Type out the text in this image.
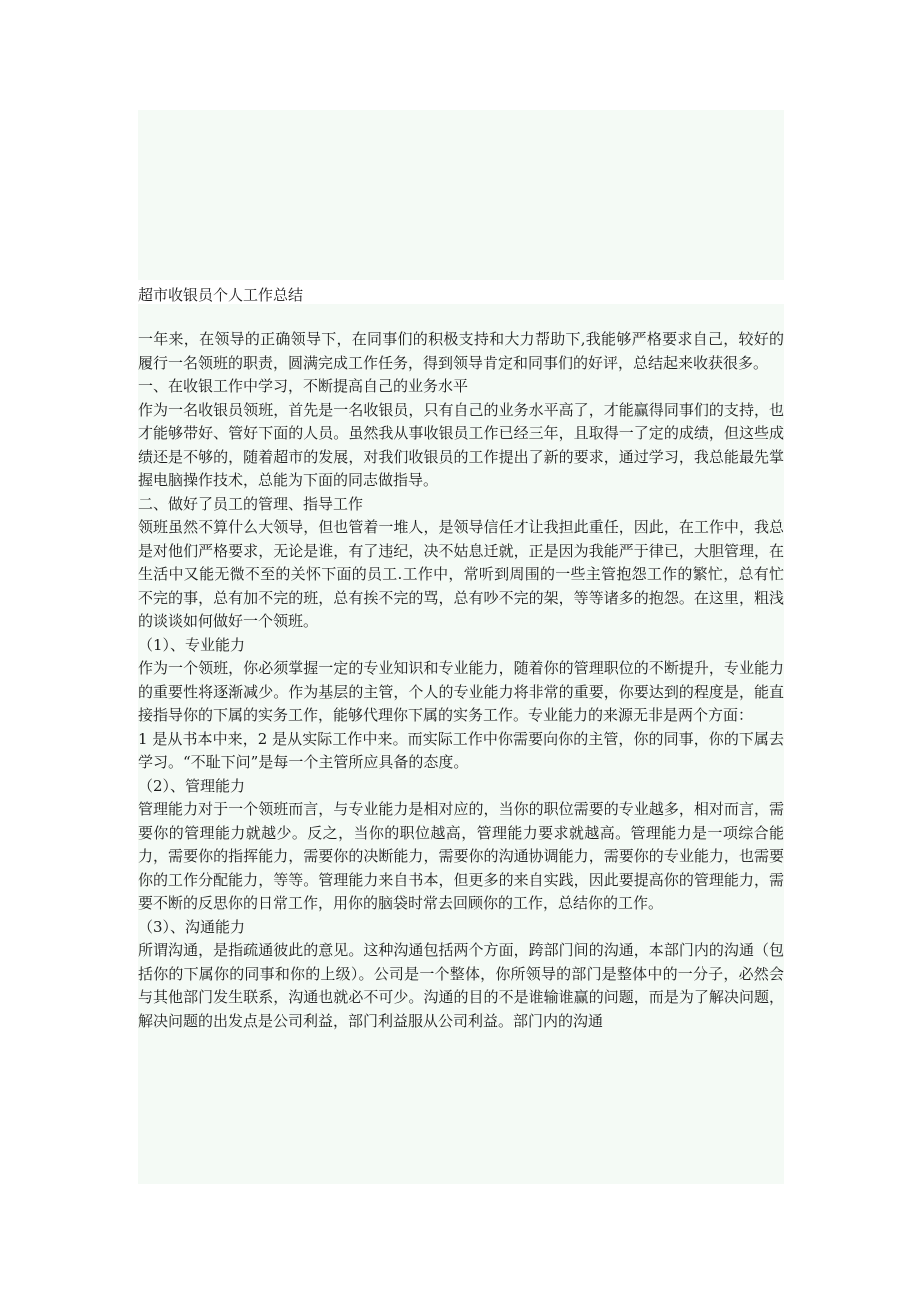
超市收银员个人工作总结

一年来，在领导的正确领导下，在同事们的积极支持和大力帮助下,我能够严格要求自己，较好的履行一名领班的职责，圆满完成工作任务，得到领导肯定和同事们的好评，总结起来收获很多。

一、在收银工作中学习，不断提高自己的业务水平

作为一名收银员领班，首先是一名收银员，只有自己的业务水平高了，才能赢得同事们的支持，也才能够带好、管好下面的人员。虽然我从事收银员工作已经三年，且取得一了定的成绩，但这些成绩还是不够的，随着超市的发展，对我们收银员的工作提出了新的要求，通过学习，我总能最先掌握电脑操作技术，总能为下面的同志做指导。

二、做好了员工的管理、指导工作

领班虽然不算什么大领导，但也管着一堆人，是领导信任才让我担此重任，因此，在工作中，我总是对他们严格要求，无论是谁，有了违纪，决不姑息迁就，正是因为我能严于律已，大胆管理，在生活中又能无微不至的关怀下面的员工.工作中，常听到周围的一些主管抱怨工作的繁忙，总有忙不完的事，总有加不完的班，总有挨不完的骂，总有吵不完的架，等等诸多的抱怨。在这里，粗浅的谈谈如何做好一个领班。

（1）、专业能力

作为一个领班，你必须掌握一定的专业知识和专业能力，随着你的管理职位的不断提升，专业能力的重要性将逐渐减少。作为基层的主管，个人的专业能力将非常的重要，你要达到的程度是，能直接指导你的下属的实务工作，能够代理你下属的实务工作。专业能力的来源无非是两个方面：

1 是从书本中来，2 是从实际工作中来。而实际工作中你需要向你的主管，你的同事，你的下属去学习。“不耻下问”是每一个主管所应具备的态度。

（2）、管理能力

管理能力对于一个领班而言，与专业能力是相对应的，当你的职位需要的专业越多，相对而言，需要你的管理能力就越少。反之，当你的职位越高，管理能力要求就越高。管理能力是一项综合能力，需要你的指挥能力，需要你的决断能力，需要你的沟通协调能力，需要你的专业能力，也需要你的工作分配能力，等等。管理能力来自书本，但更多的来自实践，因此要提高你的管理能力，需要不断的反思你的日常工作，用你的脑袋时常去回顾你的工作，总结你的工作。

（3）、沟通能力

所谓沟通，是指疏通彼此的意见。这种沟通包括两个方面，跨部门间的沟通，本部门内的沟通（包括你的下属你的同事和你的上级）。公司是一个整体，你所领导的部门是整体中的一分子，必然会与其他部门发生联系，沟通也就必不可少。沟通的目的不是谁输谁赢的问题，而是为了解决问题，解决问题的出发点是公司利益，部门利益服从公司利益。部门内的沟通
